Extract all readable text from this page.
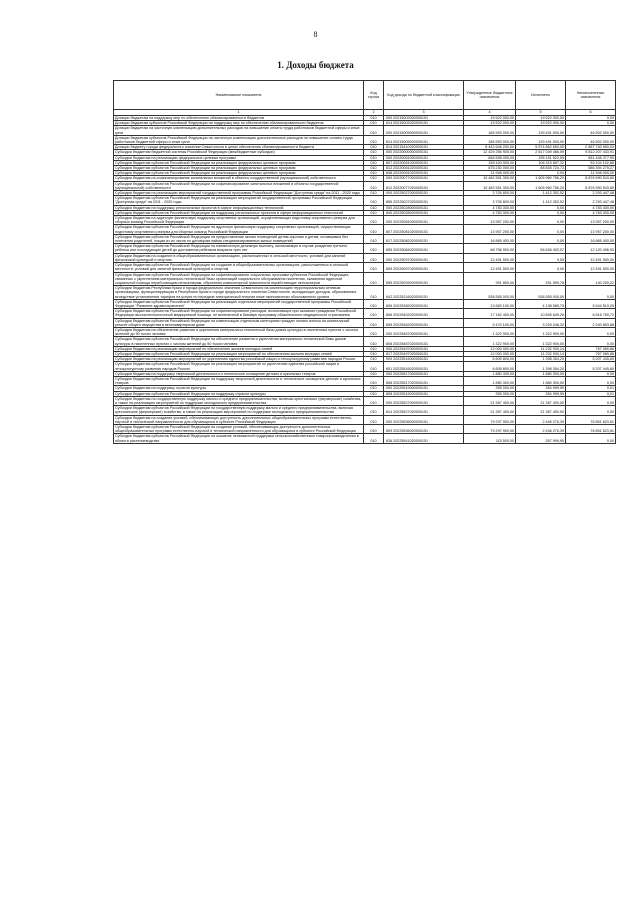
8
1. Доходы бюджета
Наименование показателя	Код строки	Код дохода по бюджетной классификации	Утвержденные бюджетные назначения	Исполнено	Неисполненные назначения
1	2	3	4	5	6
Дотации бюджетам на поддержку мер по обеспечению сбалансированности бюджетов	010	000 20215002000000151	19 522 000,00	19 522 000,00	0,00
Дотации бюджетам субъектов Российской Федерации на поддержку мер по обеспечению сбалансированности бюджетов	010	814 20215002020000151	19 522 000,00	19 522 000,00	0,00
Дотации бюджетам на частичную компенсацию дополнительных расходов на повышение оплаты труда работников бюджетной сферы и иные цели	010	000 20215009000000151	185 993 000,00	139 491 000,00	46 502 000,00
Дотации бюджетам субъектов Российской Федерации на частичную компенсацию дополнительных расходов на повышение оплаты труда работников бюджетной сферы и иные цели	010	814 20215009020000151	185 993 000,00	139 491 000,00	46 502 000,00
Дотации бюджету города федерального значения Севастополя в целях обеспечения сбалансированности бюджета	010	814 20215410020000151	8 442 646 200,00	5 574 862 650,00	2 867 783 550,00
Субсидии бюджетам бюджетной системы Российской Федерации (межбюджетные субсидии)	010	000 20220000000000151	12 429 256 900,00	2 617 049 466,09	9 812 207 433,91
Субсидии бюджетам на реализацию федеральных целевых программ	010	000 20220051000000151	846 598 000,00	195 151 622,05	651 446 377,95
Субсидии бюджетам субъектов Российской Федерации на реализацию федеральных целевых программ	010	807 20220051020000151	159 420 000,00	106 315 897,32	53 104 102,68
Субсидии бюджетам субъектов Российской Федерации на реализацию федеральных целевых программ	010	812 20220051020000151	675 230 000,00	88 835 724,73	586 394 275,27
Субсидии бюджетам субъектов Российской Федерации на реализацию федеральных целевых программ	010	848 20220051020000151	11 948 000,00	0,00	11 948 000,00
Субсидии бюджетам на софинансирование капитальных вложений в объекты государственной (муниципальной) собственности	010	000 20220077000000151	10 482 551 300,00	1 605 960 756,20	8 876 590 543,80
Субсидии бюджетам субъектов Российской Федерации на софинансирование капитальных вложений в объекты государственной (муниципальной) собственности	010	812 20220077020000151	10 482 551 300,00	1 605 960 756,20	8 876 590 543,80
Субсидии бюджетам на реализацию мероприятий государственной программы Российской Федерации "Доступная среда" на 2011 - 2020 годы	010	000 20225027000000151	3 705 800,00	1 412 352,52	2 293 447,48
Субсидии бюджетам субъектов Российской Федерации на реализацию мероприятий государственной программы Российской Федерации "Доступная среда" на 2011 - 2020 годы	010	855 20225027020000151	3 705 800,00	1 412 352,52	2 293 447,48
Субсидии бюджетам на поддержку региональных проектов в сфере информационных технологий	010	000 20225028000000151	4 783 300,00	0,00	4 783 300,00
Субсидии бюджетам субъектов Российской Федерации на поддержку региональных проектов в сфере информационных технологий	010	840 20225028020000151	4 783 300,00	0,00	4 783 300,00
Субсидии бюджетам на адресную финансовую поддержку спортивных организаций, осуществляющих подготовку спортивного резерва для сборных команд Российской Федерации	010	000 20225081000000151	13 957 200,00	0,00	13 957 200,00
Субсидии бюджетам субъектов Российской Федерации на адресную финансовую поддержку спортивных организаций, осуществляющих подготовку спортивного резерва для сборных команд Российской Федерации	010	807 20225081020000151	13 957 200,00	0,00	13 957 200,00
Субсидии бюджетам субъектов Российской Федерации на предоставление жилых помещений детям-сиротам и детям, оставшимся без попечения родителей, лицам из их числа по договорам найма специализированных жилых помещений	010	817 20225082020000151	16 865 400,00	0,00	16 865 400,00
Субсидии бюджетам субъектов Российской Федерации на ежемесячную денежную выплату, назначаемую в случае рождения третьего ребенка или последующих детей до достижения ребенком возраста трех лет	010	855 20225084020000151	68 756 900,00	56 636 403,07	12 120 496,93
Субсидии бюджетам на создание в общеобразовательных организациях, расположенных в сельской местности, условий для занятий физической культурой и спортом	010	000 20225097000000151	12 491 500,00	0,00	12 491 500,00
Субсидии бюджетам субъектов Российской Федерации на создание в общеобразовательных организациях, расположенных в сельской местности, условий для занятий физической культурой и спортом	010	809 20225097020000151	12 491 500,00	0,00	12 491 500,00
Субсидии бюджетам субъектов Российской Федерации на софинансирование социальных программ субъектов Российской Федерации, связанных с укреплением материально-технической базы организаций социального обслуживания населения, оказанием адресной социальной помощи неработающим пенсионерам, обучением компьютерной грамотности неработающих пенсионеров	010	855 20225209020000151	391 800,00	251 599,78	140 200,22
Субсидии бюджетам Республики Крым и города федерального значения Севастополя на компенсацию территориальным сетевым организациям, функционирующим в Республике Крым и городе федерального значения Севастополе, выпадающих доходов, образованных вследствие установления тарифов на услуги по передаче электрической энергии ниже экономически обоснованного уровня	010	842 20225216020000151	538 555 000,00	538 555 000,00	0,00
Субсидии бюджетам субъектов Российской Федерации на реализацию отдельных мероприятий государственной программы Российской Федерации "Развитие здравоохранения"	010	806 20225382020000151	13 683 100,00	4 138 589,75	9 544 510,25
Субсидии бюджетам субъектов Российской Федерации на софинансирование расходов, возникающих при оказании гражданам Российской Федерации высокотехнологичной медицинской помощи, не включенной в базовую программу обязательного медицинского страхования	010	806 20225402020000151	17 162 400,00	10 645 649,28	6 516 750,72
Субсидии бюджетам субъектов Российской Федерации на компенсацию отдельным категориям граждан оплаты взноса на капитальный ремонт общего имущества в многоквартирном доме	010	855 20225462020000151	5 470 100,00	3 229 246,32	2 240 853,68
Субсидии бюджетам на обеспечение развития и укрепления материально-технической базы домов культуры в населенных пунктах с числом жителей до 50 тысяч человек	010	000 20225467000000151	1 322 900,00	1 322 900,00	0,00
Субсидии бюджетам субъектов Российской Федерации на обеспечение развития и укрепления материально-технической базы домов культуры в населенных пунктах с числом жителей до 50 тысяч человек	010	808 20225467020000151	1 322 900,00	1 322 900,00	0,00
Субсидии бюджетам на реализацию мероприятий по обеспечению жильем молодых семей	010	000 20225497000000151	12 000 000,00	11 232 930,14	767 069,86
Субсидии бюджетам субъектов Российской Федерации на реализацию мероприятий по обеспечению жильем молодых семей	010	817 20225497020000151	12 000 000,00	11 232 930,14	767 069,86
Субсидии бюджетам на реализацию мероприятий по укреплению единства российской нации и этнокультурному развитию народов России	010	000 20225516000000151	6 605 800,00	1 398 354,20	5 207 445,80
Субсидии бюджетам субъектов Российской Федерации на реализацию мероприятий по укреплению единства российской нации и этнокультурному развитию народов России	010	851 20225516020000151	6 605 800,00	1 398 354,20	5 207 445,80
Субсидии бюджетам на поддержку творческой деятельности и техническое оснащение детских и кукольных театров	010	000 20225517000000151	1 880 300,00	1 880 300,00	0,00
Субсидии бюджетам субъектов Российской Федерации на поддержку творческой деятельности и техническое оснащение детских и кукольных театров	010	808 20225517020000151	1 880 300,00	1 880 300,00	0,00
Субсидии бюджетам на поддержку отрасли культуры	010	000 20225519000000151	355 000,00	354 999,99	0,01
Субсидии бюджетам субъектов Российской Федерации на поддержку отрасли культуры	010	808 20225519020000151	355 000,00	354 999,99	0,01
Субсидии бюджетам на государственную поддержку малого и среднего предпринимательства, включая крестьянские (фермерские) хозяйства, а также на реализацию мероприятий по поддержке молодежного предпринимательства	010	000 20225527000000151	21 387 400,00	21 387 400,00	0,00
Субсидии бюджетам субъектов Российской Федерации на государственную поддержку малого и среднего предпринимательства, включая крестьянские (фермерские) хозяйства, а также на реализацию мероприятий по поддержке молодежного предпринимательства	010	814 20225527020000151	21 387 400,00	21 387 400,00	0,00
Субсидии бюджетам на создание условий, обеспечивающих доступность дополнительных общеобразовательных программ естественно-научной и технической направленности для обучающихся в субъекте Российской Федерации	010	000 20225536000000151	79 297 900,00	2 446 276,39	76 851 623,61
Субсидии бюджетам субъектов Российской Федерации на создание условий, обеспечивающих доступность дополнительных общеобразовательных программ естественно-научной и технической направленности для обучающихся в субъекте Российской Федерации	010	809 20225536020000151	79 297 900,00	2 446 276,39	76 851 623,61
Субсидии бюджетам субъектов Российской Федерации на оказание несвязанной поддержки сельскохозяйственным товаропроизводителям в области растениеводства	010	836 20225541020000151	115 500,00	267 999,95	0,00
